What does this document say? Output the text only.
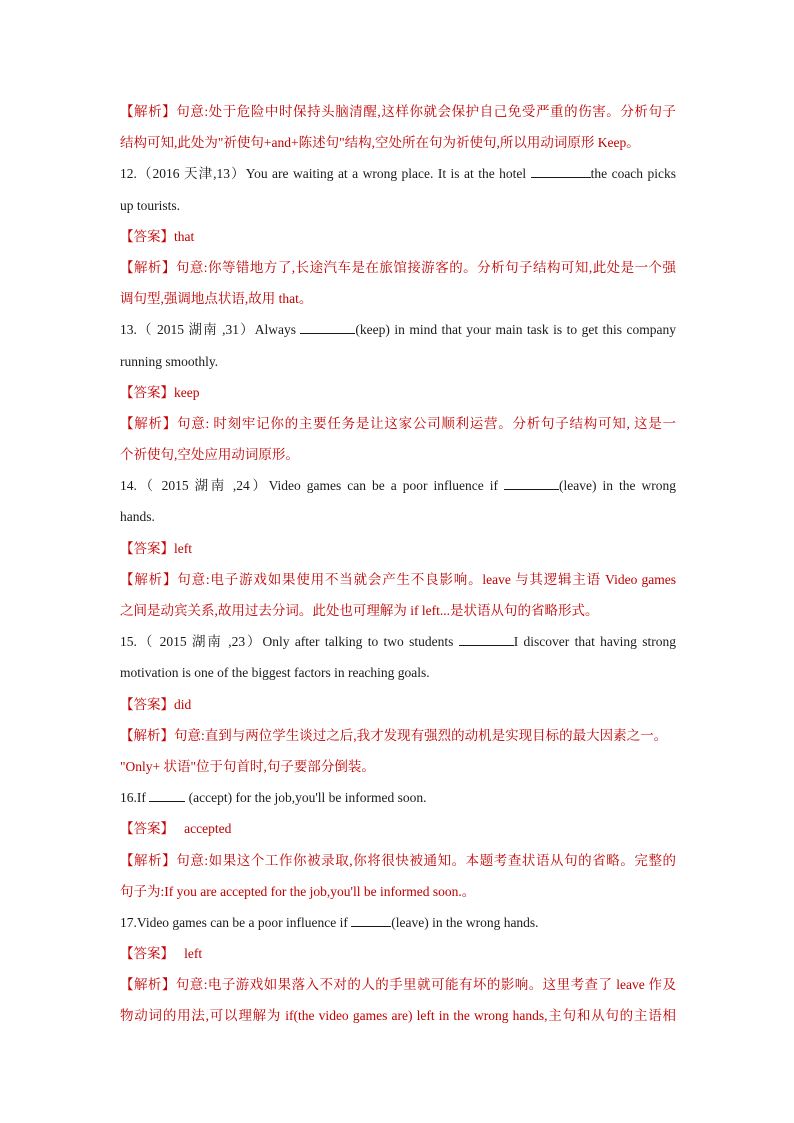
【解析】句意:处于危险中时保持头脑清醒,这样你就会保护自己免受严重的伤害。分析句子
结构可知,此处为"祈使句+and+陈述句"结构,空处所在句为祈使句,所以用动词原形 Keep。
12.（2016 天津,13）You are waiting at a wrong place. It is at the hotel	the coach picks
up tourists.
【答案】that
【解析】句意:你等错地方了,长途汽车是在旅馆接游客的。分析句子结构可知,此处是一个强
调句型,强调地点状语,故用 that。
13.（ 2015 湖南 ,31）Always	(keep) in mind that your main task is to get this company
running smoothly.
【答案】keep
【解析】句意: 时刻牢记你的主要任务是让这家公司顺利运营。分析句子结构可知, 这是一
个祈使句,空处应用动词原形。
14.（ 2015 湖南 ,24）Video games can be a poor influence if	(leave) in the wrong
hands.
【答案】left
【解析】句意:电子游戏如果使用不当就会产生不良影响。leave 与其逻辑主语 Video games
之间是动宾关系,故用过去分词。此处也可理解为 if left...是状语从句的省略形式。
15.（ 2015 湖南 ,23）Only after talking to two students	I discover that having strong
motivation is one of the biggest factors in reaching goals.
【答案】did
【解析】句意:直到与两位学生谈过之后,我才发现有强烈的动机是实现目标的最大因素之一。
"Only+ 状语"位于句首时,句子要部分倒装。
16.If	(accept) for the job,you'll be informed soon.
【答案】   accepted
【解析】句意:如果这个工作你被录取,你将很快被通知。本题考查状语从句的省略。完整的
句子为:If you are accepted for the job,you'll be informed soon.。
17.Video games can be a poor influence if	(leave) in the wrong hands.
【答案】   left
【解析】句意:电子游戏如果落入不对的人的手里就可能有坏的影响。这里考查了 leave 作及
物动词的用法,可以理解为 if(the video games are) left in the wrong hands,主句和从句的主语相
